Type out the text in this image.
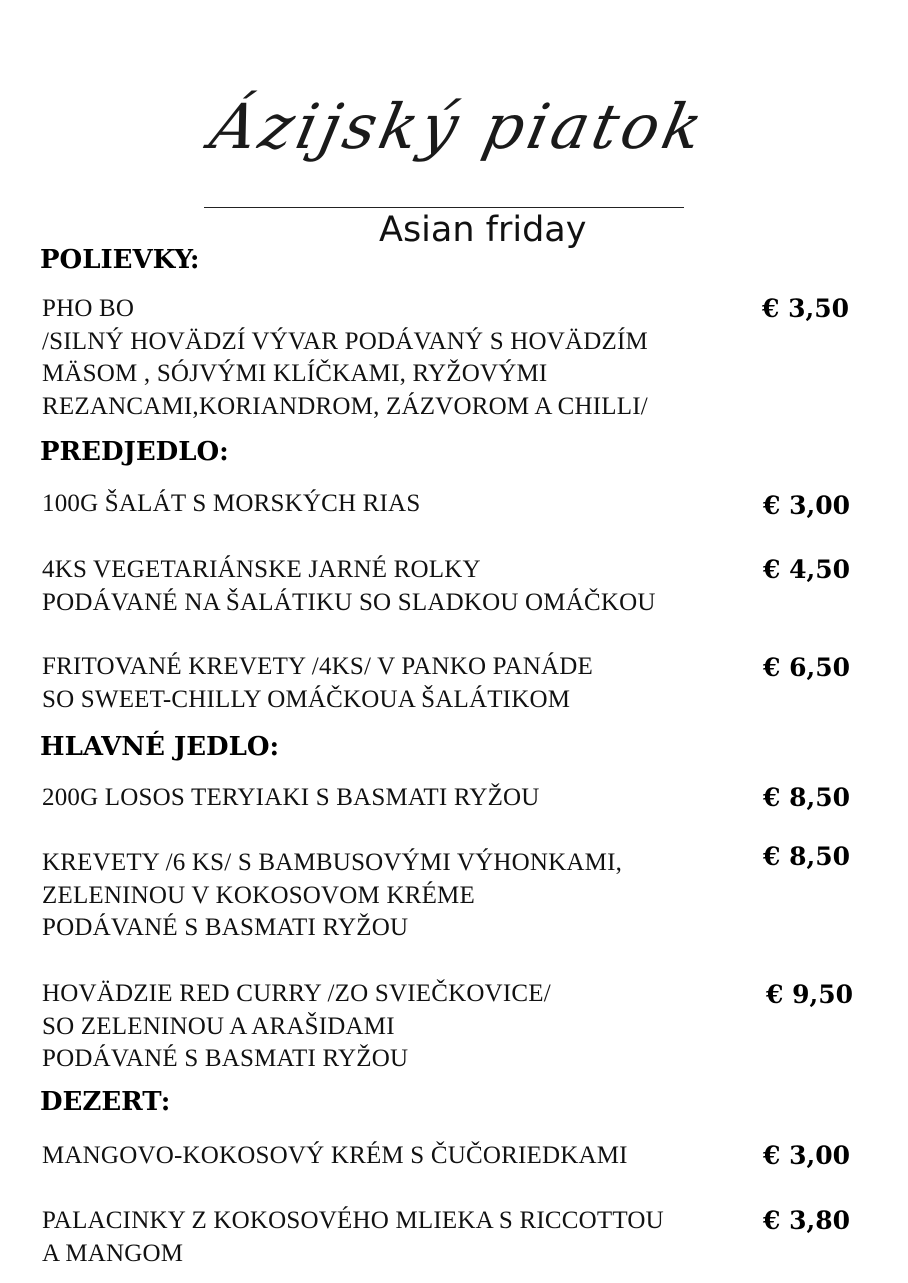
Ázijský piatok
Asian friday
POLIEVKY:
PHO BO
/SILNÝ HOVÄDZÍ VÝVAR PODÁVANÝ S HOVÄDZÍM
MÄSOM , SÓJVÝMI KLÍČKAMI, RYŽOVÝMI
REZANCAMI,KORIANDROM, ZÁZVOROM A CHILLI/
€ 3,50
PREDJEDLO:
100G ŠALÁT S MORSKÝCH RIAS	€ 3,00
4KS VEGETARIÁNSKE JARNÉ ROLKY
PODÁVANÉ NA ŠALÁTIKU SO SLADKOU OMÁČKOU
€ 4,50
FRITOVANÉ KREVETY /4KS/ V PANKO PANÁDE
SO SWEET-CHILLY OMÁČKOUA ŠALÁTIKOM
€ 6,50
HLAVNÉ JEDLO:
200G LOSOS TERYIAKI S BASMATI RYŽOU	€ 8,50
KREVETY /6 KS/ S BAMBUSOVÝMI VÝHONKAMI,
ZELENINOU V KOKOSOVOM KRÉME
PODÁVANÉ S BASMATI RYŽOU
€ 8,50
HOVÄDZIE RED CURRY /ZO SVIEČKOVICE/
SO ZELENINOU A ARAŠIDAMI
PODÁVANÉ S BASMATI RYŽOU
€ 9,50
DEZERT:
MANGOVO-KOKOSOVÝ KRÉM S ČUČORIEDKAMI	€ 3,00
PALACINKY Z KOKOSOVÉHO MLIEKA S RICCOTTOU
A MANGOM
€ 3,80
